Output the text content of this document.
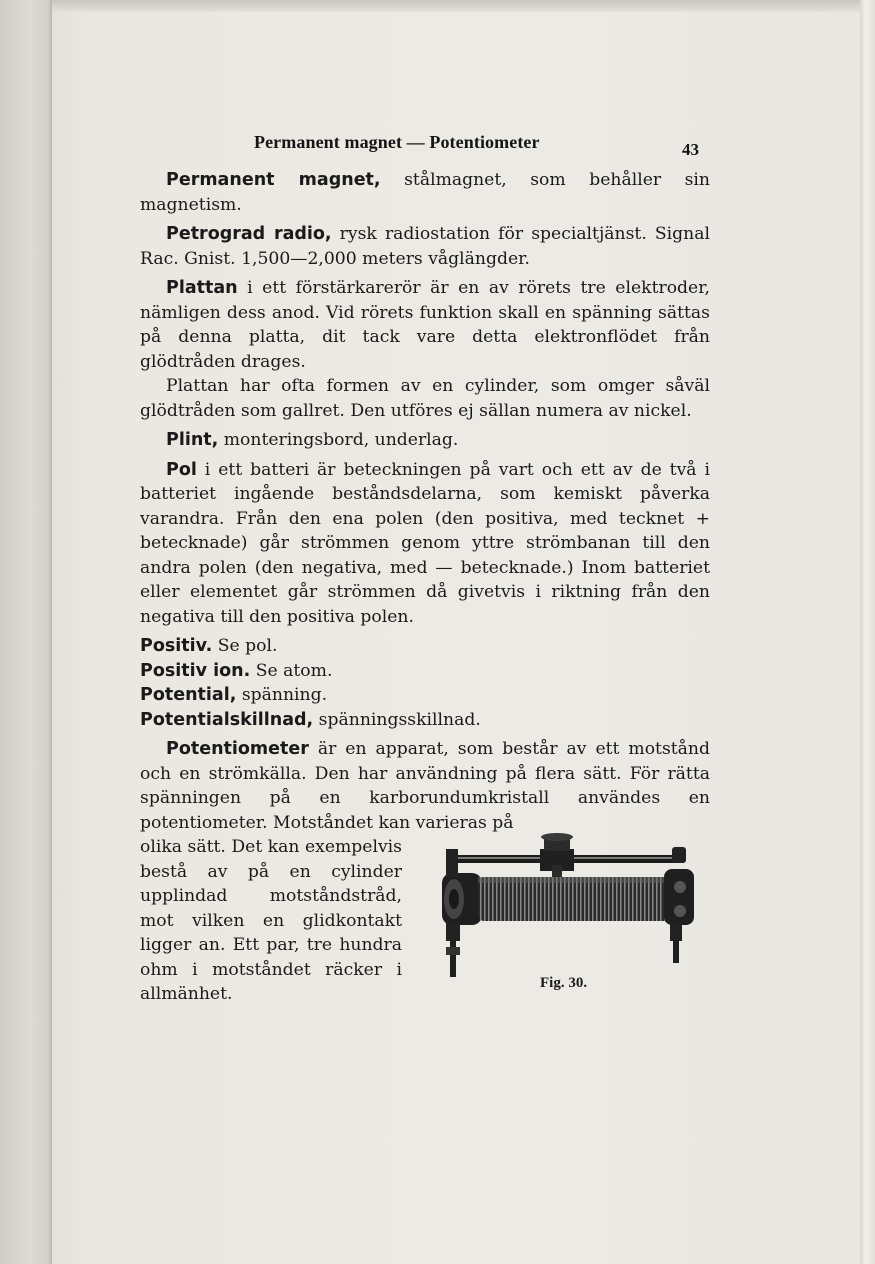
Permanent magnet — Potentiometer	43

Permanent magnet, stålmagnet, som behåller sin magnetism.

Petrograd radio, rysk radiostation för specialtjänst. Signal Rac. Gnist. 1,500—2,000 meters våglängder.

Plattan i ett förstärkarerör är en av rörets tre elektroder, nämligen dess anod. Vid rörets funktion skall en spänning sättas på denna platta, dit tack vare detta elektronflödet från glödtråden drages.

Plattan har ofta formen av en cylinder, som omger såväl glödtråden som gallret. Den utföres ej sällan numera av nickel.

Plint, monteringsbord, underlag.

Pol i ett batteri är beteckningen på vart och ett av de två i batteriet ingående beståndsdelarna, som kemiskt påverka varandra. Från den ena polen (den positiva, med tecknet + betecknade) går strömmen genom yttre strömbanan till den andra polen (den negativa, med — betecknade.) Inom batteriet eller elementet går strömmen då givetvis i riktning från den negativa till den positiva polen.

Positiv. Se pol.

Positiv ion. Se atom.

Potential, spänning.

Potentialskillnad, spänningsskillnad.

Potentiometer är en apparat, som består av ett motstånd och en strömkälla. Den har användning på flera sätt. För rätta spänningen på en karborundumkristall användes en potentiometer. Motståndet kan varieras på

olika sätt. Det kan exempelvis bestå av på en cylinder upplindad motståndstråd, mot vilken en glidkontakt ligger an. Ett par, tre hundra ohm i motståndet räcker i allmänhet.

Fig. 30.
